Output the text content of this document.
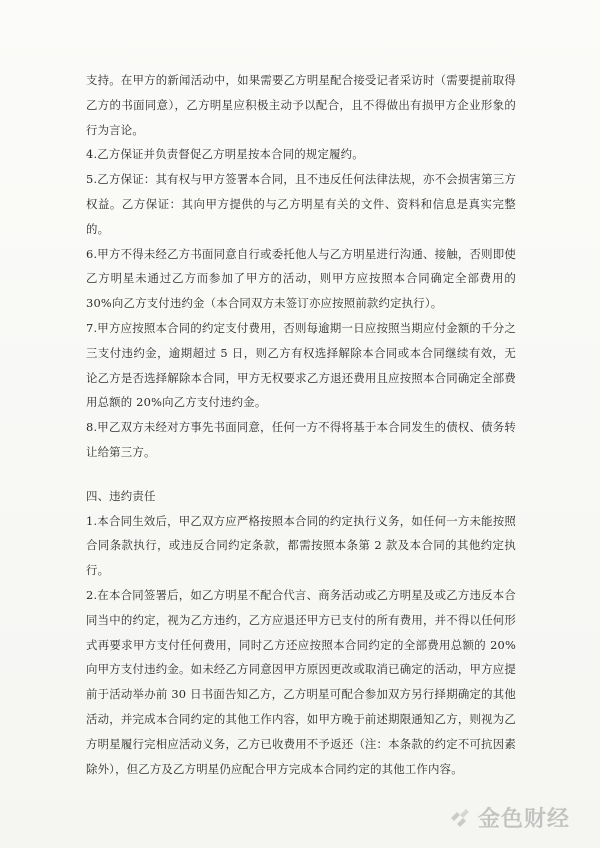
支持。在甲方的新闻活动中，如果需要乙方明星配合接受记者采访时（需要提前取得乙方的书面同意），乙方明星应积极主动予以配合，且不得做出有损甲方企业形象的行为言论。

4.乙方保证并负责督促乙方明星按本合同的规定履约。

5.乙方保证：其有权与甲方签署本合同，且不违反任何法律法规，亦不会损害第三方权益。乙方保证：其向甲方提供的与乙方明星有关的文件、资料和信息是真实完整的。

6.甲方不得未经乙方书面同意自行或委托他人与乙方明星进行沟通、接触，否则即使乙方明星未通过乙方而参加了甲方的活动，则甲方应按照本合同确定全部费用的 30%向乙方支付违约金（本合同双方未签订亦应按照前款约定执行）。

7.甲方应按照本合同的约定支付费用，否则每逾期一日应按照当期应付金额的千分之三支付违约金，逾期超过 5 日，则乙方有权选择解除本合同或本合同继续有效，无论乙方是否选择解除本合同，甲方无权要求乙方退还费用且应按照本合同确定全部费用总额的 20%向乙方支付违约金。

8.甲乙双方未经对方事先书面同意，任何一方不得将基于本合同发生的债权、债务转让给第三方。

四、违约责任

1.本合同生效后，甲乙双方应严格按照本合同的约定执行义务，如任何一方未能按照合同条款执行，或违反合同约定条款，都需按照本条第 2 款及本合同的其他约定执行。

2.在本合同签署后，如乙方明星不配合代言、商务活动或乙方明星及或乙方违反本合同当中的约定，视为乙方违约，乙方应退还甲方已支付的所有费用，并不得以任何形式再要求甲方支付任何费用，同时乙方还应按照本合同约定的全部费用总额的 20%向甲方支付违约金。如未经乙方同意因甲方原因更改或取消已确定的活动，甲方应提前于活动举办前 30 日书面告知乙方，乙方明星可配合参加双方另行择期确定的其他活动，并完成本合同约定的其他工作内容，如甲方晚于前述期限通知乙方，则视为乙方明星履行完相应活动义务，乙方已收费用不予返还（注：本条款的约定不可抗因素除外），但乙方及乙方明星仍应配合甲方完成本合同约定的其他工作内容。

金色财经
